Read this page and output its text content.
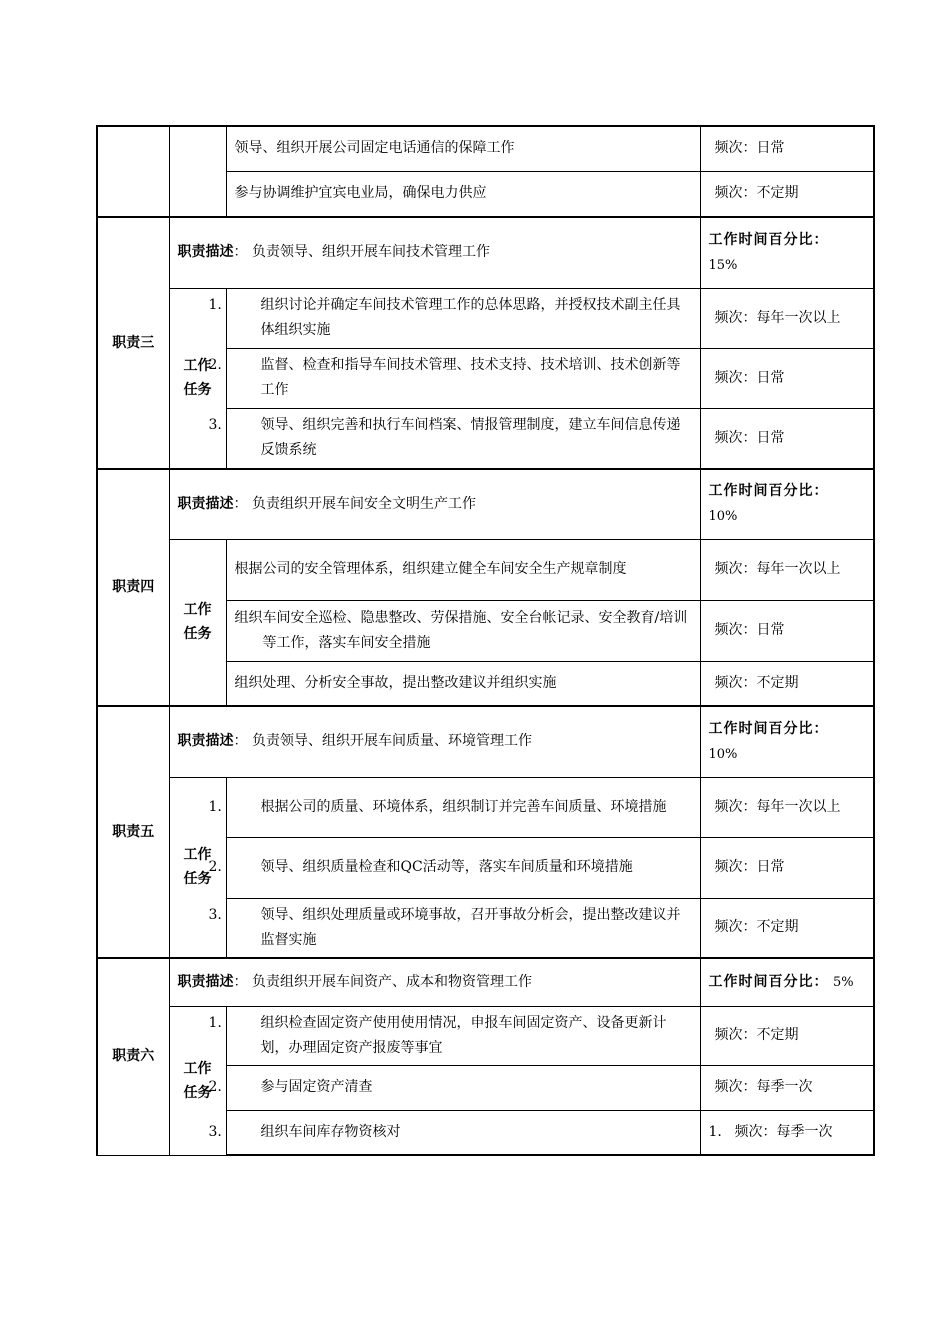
		领导、组织开展公司固定电话通信的保障工作	频次：日常
		参与协调维护宜宾电业局，确保电力供应	频次：不定期
职责三	职责描述： 负责领导、组织开展车间技术管理工作		工作时间百分比：
15%
	工作
任务	1. 组织讨论并确定车间技术管理工作的总体思路，并授权技术副主任具体组织实施	频次：每年一次以上
		2. 监督、检查和指导车间技术管理、技术支持、技术培训、技术创新等工作	频次：日常
		3. 领导、组织完善和执行车间档案、情报管理制度，建立车间信息传递反馈系统	频次：日常
职责四	职责描述： 负责组织开展车间安全文明生产工作		工作时间百分比：
10%
	工作
任务	根据公司的安全管理体系，组织建立健全车间安全生产规章制度	频次：每年一次以上
		组织车间安全巡检、隐患整改、劳保措施、安全台帐记录、安全教育/培训等工作，落实车间安全措施	频次：日常
		组织处理、分析安全事故，提出整改建议并组织实施	频次：不定期
职责五	职责描述： 负责领导、组织开展车间质量、环境管理工作		工作时间百分比：
10%
	工作
任务	1. 根据公司的质量、环境体系，组织制订并完善车间质量、环境措施	频次：每年一次以上
		2. 领导、组织质量检查和QC活动等，落实车间质量和环境措施	频次：日常
		3. 领导、组织处理质量或环境事故，召开事故分析会，提出整改建议并监督实施	频次：不定期
职责六	职责描述： 负责组织开展车间资产、成本和物资管理工作		工作时间百分比： 5%
	工作
任务	1. 组织检查固定资产使用使用情况，申报车间固定资产、设备更新计划，办理固定资产报废等事宜	频次：不定期
		2. 参与固定资产清查	频次：每季一次
		3. 组织车间库存物资核对	1. 频次：每季一次
